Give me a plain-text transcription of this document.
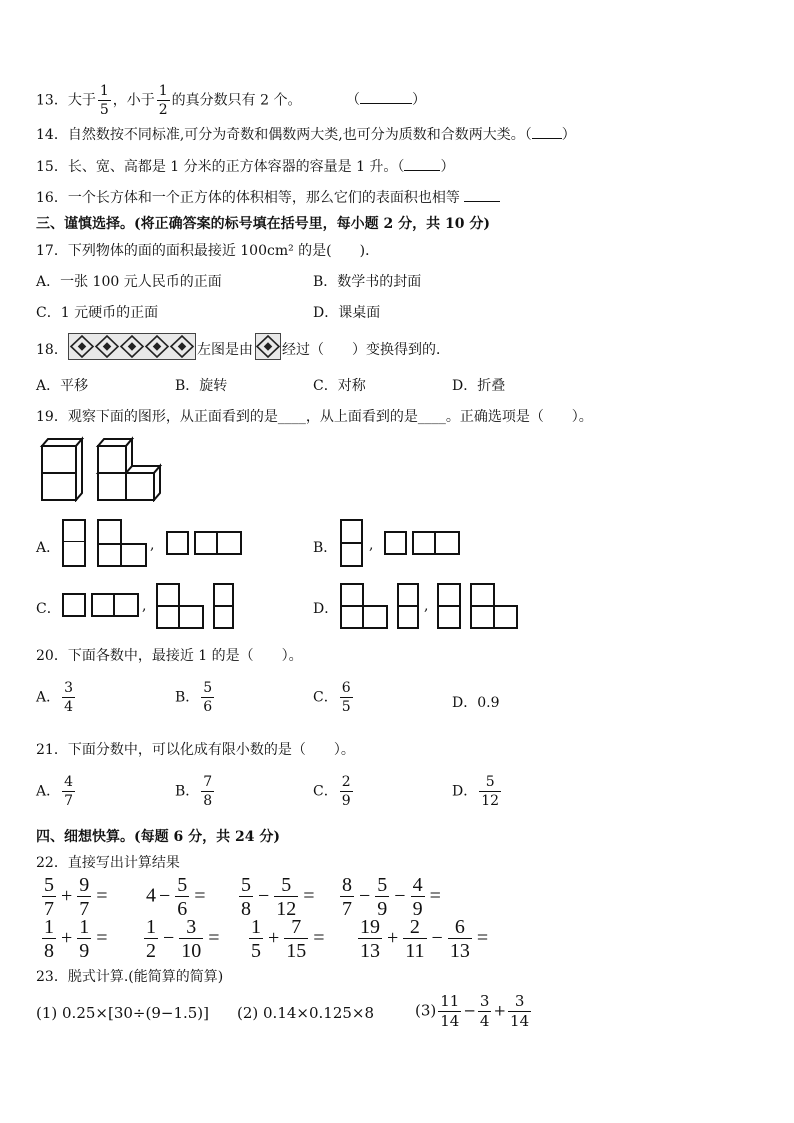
13．大于 $\frac{1}{5}$ ，小于 $\frac{1}{2}$ 的真分数只有 2 个。	（	）
14．自然数按不同标准,可分为奇数和偶数两大类,也可分为质数和合数两大类。（ ）
15．长、宽、高都是 1 分米的正方体容器的容量是 1 升。（	）
16．一个长方体和一个正方体的体积相等，那么它们的表面积也相等
三、谨慎选择。(将正确答案的标号填在括号里，每小题 2 分，共 10 分)
17．下列物体的面的面积最接近 100cm² 的是(　　)．
A．一张 100 元人民币的正面	B．数学书的封面
C．1 元硬币的正面	D．课桌面
18．	左图是由 经过（　　）变换得到的．
A．平移	B．旋转	C．对称	D．折叠
19．观察下面的图形，从正面看到的是____，从上面看到的是____。正确选项是（　　）。
A．	,	B． ,
C．	,	D．	,
20．下面各数中，最接近 1 的是（　　）。
A． $\frac{3}{4}$	B． $\frac{5}{6}$	C． $\frac{6}{5}$	D．0.9
21．下面分数中，可以化成有限小数的是（　　）。
A． $\frac{4}{7}$	B． $\frac{7}{8}$	C． $\frac{2}{9}$	D． $\frac{5}{12}$
四、细想快算。(每题 6 分，共 24 分)
22．直接写出计算结果
$\frac{5}{7} + \frac{9}{7} = 4 - \frac{5}{6} = \frac{5}{8} - \frac{5}{12} = \frac{8}{7} - \frac{5}{9} - \frac{4}{9}$ =
$\frac{1}{8} + \frac{1}{9} = \frac{1}{2} - \frac{3}{10} = \frac{1}{5} + \frac{7}{15} = \frac{19}{13} + \frac{2}{11} - \frac{6}{13}$ =
23．脱式计算.(能简算的简算)
(1) 0.25×[30÷(9−1.5)] (2) 0.14×0.125×8	$(3) \frac{11}{14} - \frac{3}{4} + \frac{3}{14}$
